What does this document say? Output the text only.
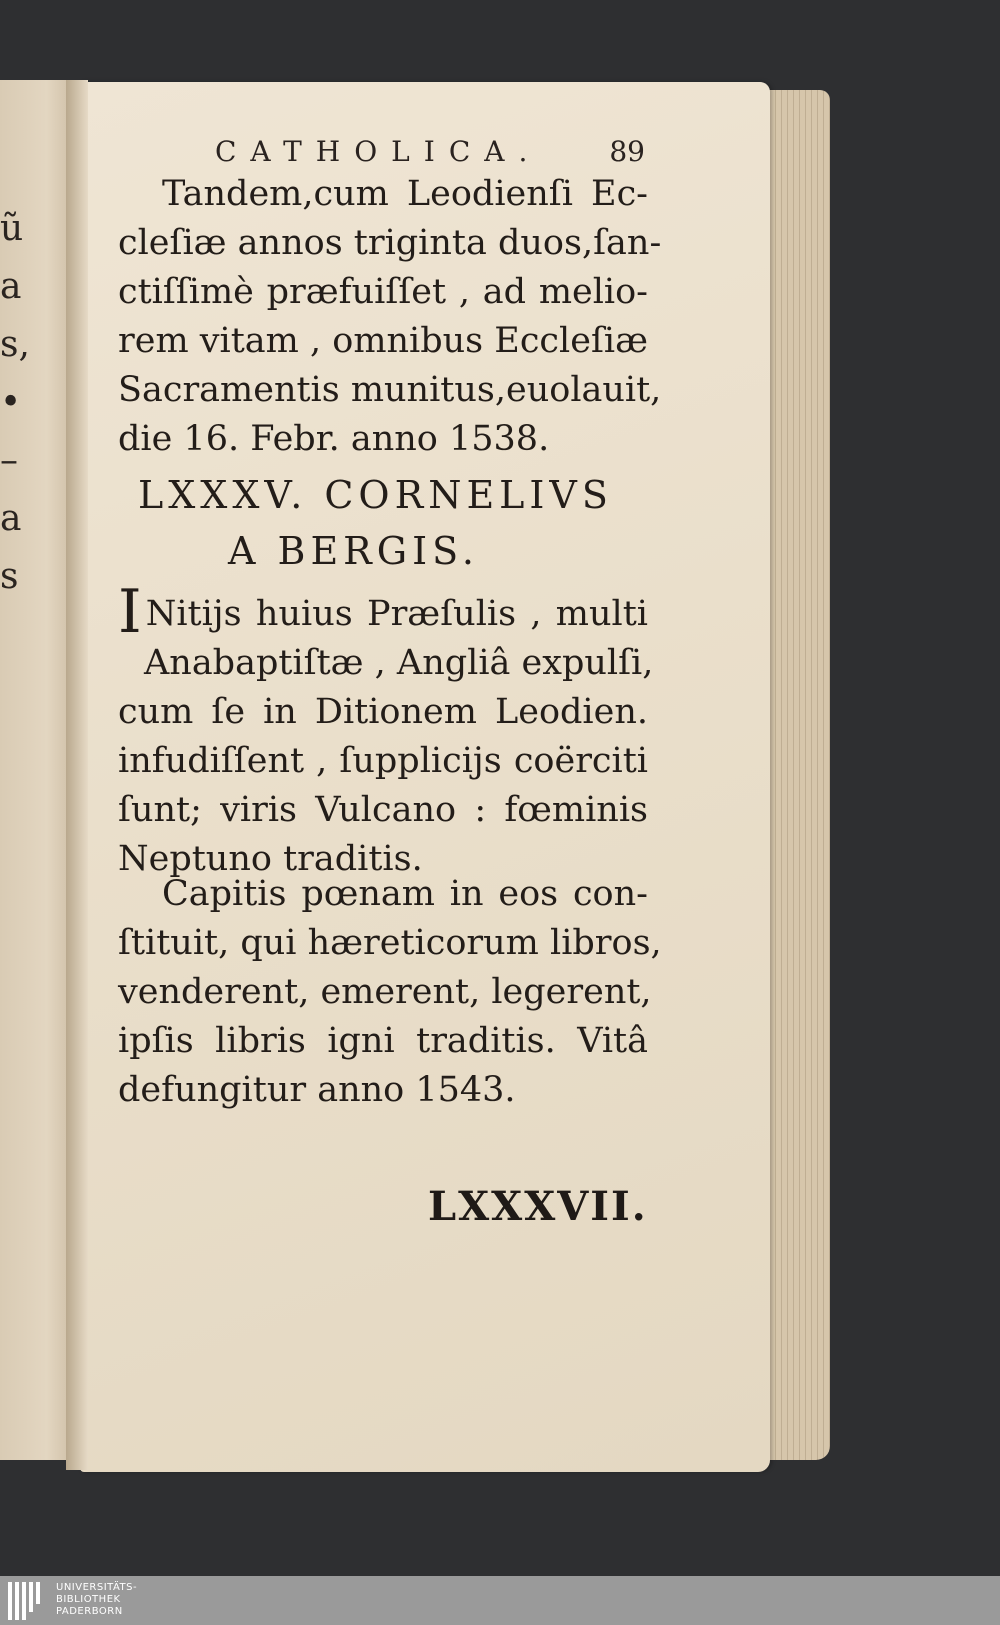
ũ
a
s,
•
–
a
s
CATHOLICA. 89
Tandem,cum Leodienſi Ec-
cleſiæ annos triginta duos,ſan-
ctiſſimè præfuiſſet , ad melio-
rem vitam , omnibus Eccleſiæ
Sacramentis munitus,euolauit,
die 16. Febr. anno 1538.
LXXXV. CORNELIVS
A BERGIS.
I Nitijs huius Præſulis , multi
Anabaptiſtæ , Angliâ expulſi,
cum ſe in Ditionem Leodien.
infudiſſent , ſupplicijs coërciti
ſunt; viris Vulcano : fœminis
Neptuno traditis.
Capitis pœnam in eos con-
ſtituit, qui hæreticorum libros,
venderent, emerent, legerent,
ipſis libris igni traditis. Vitâ
defungitur anno 1543.
LXXXVII.
UNIVERSITÄTS-
BIBLIOTHEK
PADERBORN
